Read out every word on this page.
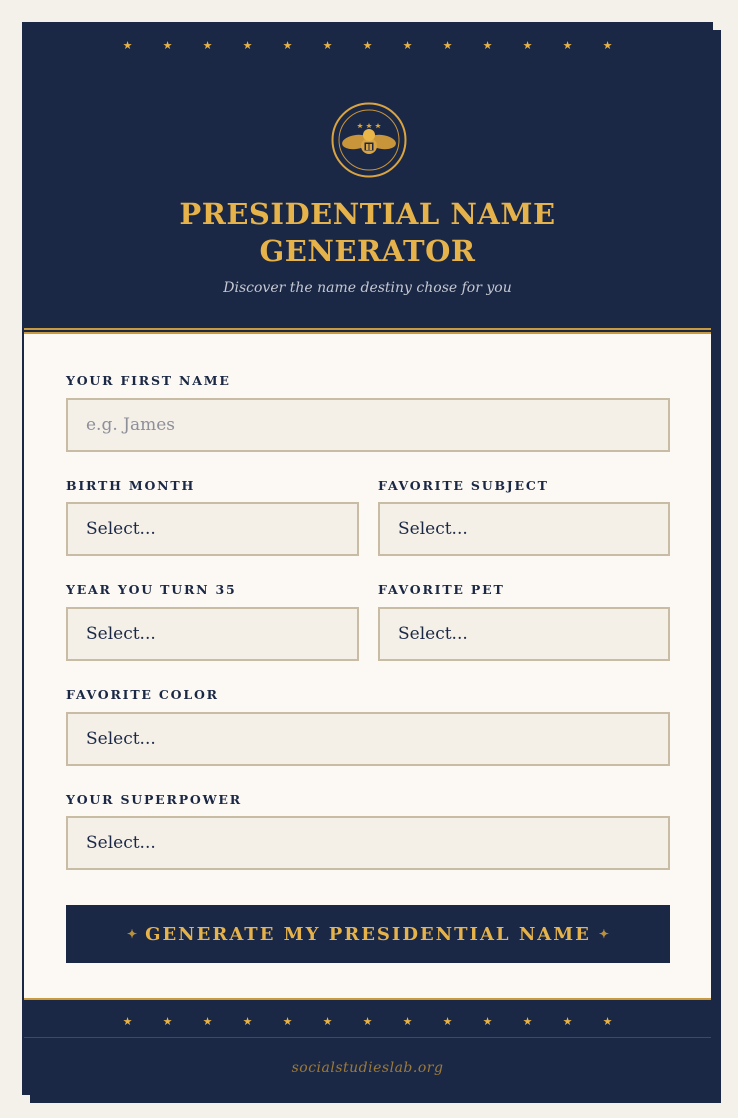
★	★	★	★	★	★	★	★	★	★	★	★	★
PRESIDENTIAL NAME
GENERATOR
Discover the name destiny chose for you
YOUR FIRST NAME
e.g. James
BIRTH MONTH
Select...
FAVORITE SUBJECT
Select...
YEAR YOU TURN 35
Select...
FAVORITE PET
Select...
FAVORITE COLOR
Select...
YOUR SUPERPOWER
Select...
✦ GENERATE MY PRESIDENTIAL NAME ✦
★	★	★	★	★	★	★	★	★	★	★	★	★
socialstudieslab.org
